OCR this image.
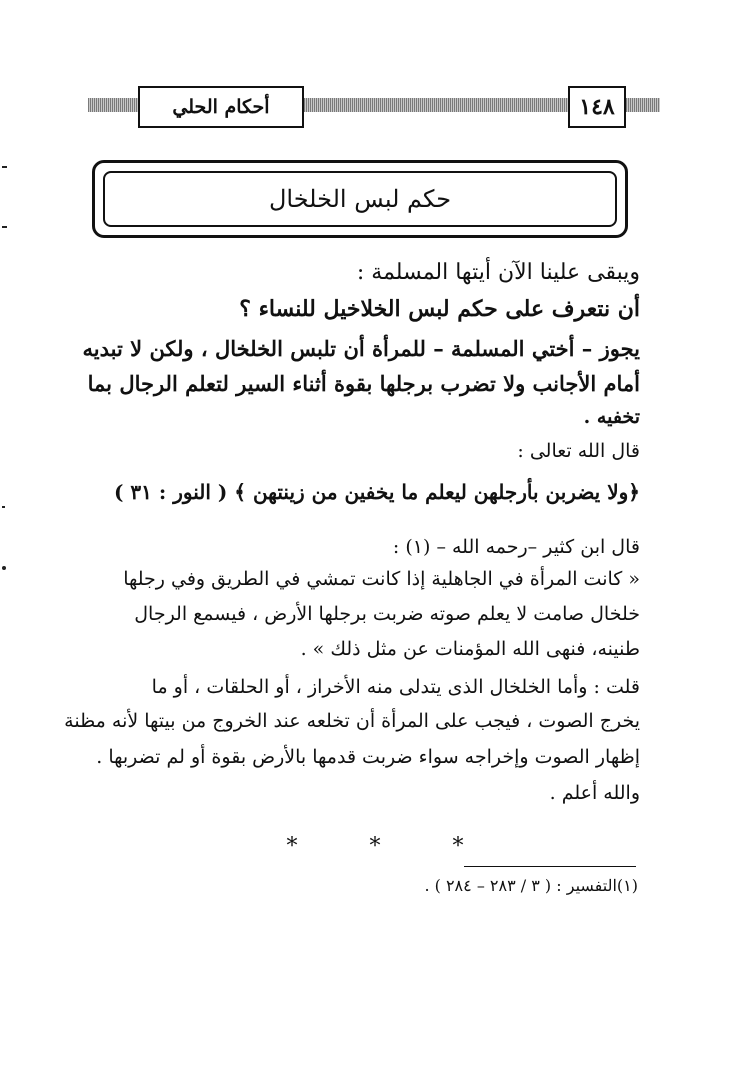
أحكام الحلي	١٤٨
حكم لبس الخلخال
ويبقى علينا الآن أيتها المسلمة :
أن نتعرف على حكم لبس الخلاخيل للنساء ؟
يجوز – أختي المسلمة – للمرأة أن تلبس الخلخال ، ولكن لا تبديه
أمام الأجانب ولا تضرب برجلها بقوة أثناء السير لتعلم الرجال بما
تخفيه .
قال الله تعالى :
﴿ولا يضربن بأرجلهن ليعلم ما يخفين من زينتهن ﴾ ( النور : ٣١ )
قال ابن كثير –رحمه الله – (١) :
« كانت المرأة في الجاهلية إذا كانت تمشي في الطريق وفي رجلها
خلخال صامت لا يعلم صوته ضربت برجلها الأرض ، فيسمع الرجال
طنينه، فنهى الله المؤمنات عن مثل ذلك » .
قلت : وأما الخلخال الذى يتدلى منه الأخراز ، أو الحلقات ، أو ما
يخرج الصوت ، فيجب على المرأة أن تخلعه عند الخروج من بيتها لأنه مظنة
إظهار الصوت وإخراجه سواء ضربت قدمها بالأرض بقوة أو لم تضربها .
والله أعلم .
*	*	*
(١)التفسير : ( ٣ / ٢٨٣ – ٢٨٤ ) .
